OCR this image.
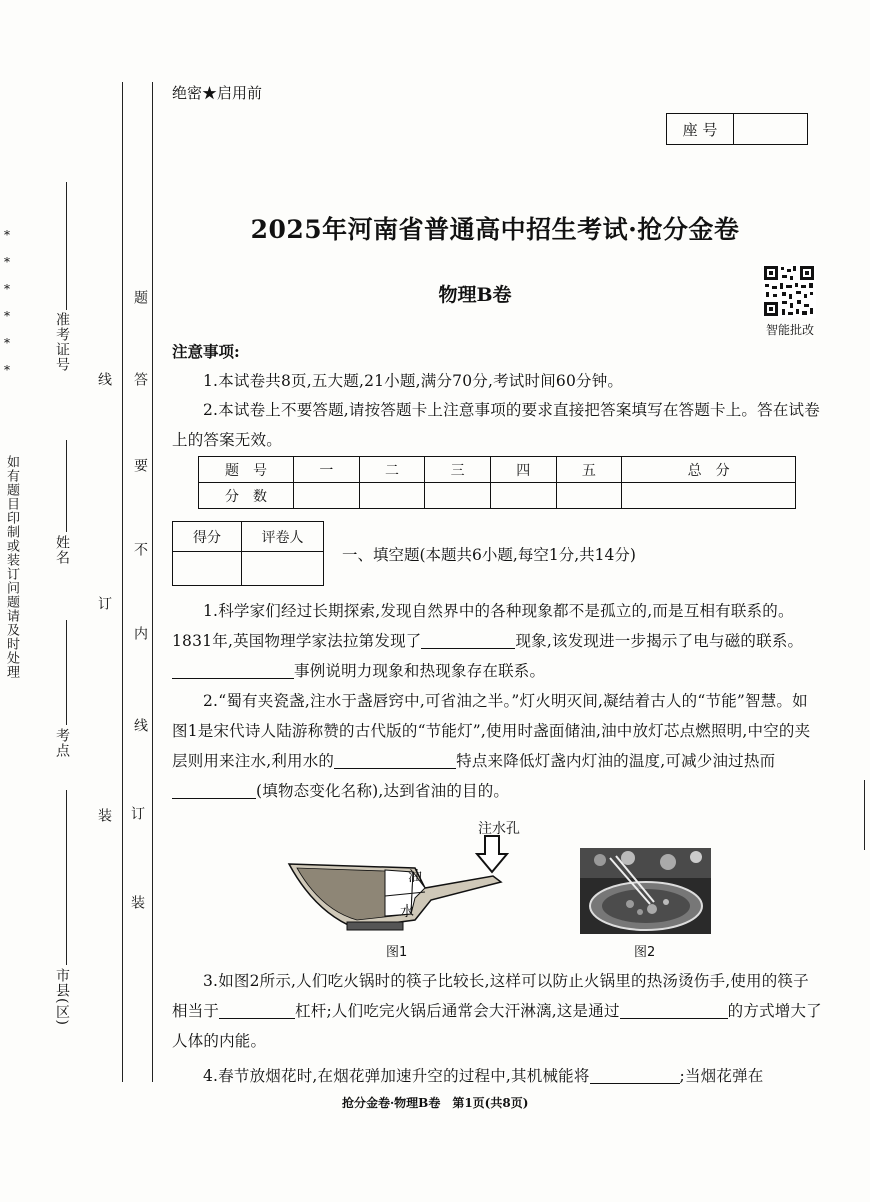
*
*
*
*
*
*
如有题目印制或装订问题请及时处理
准考证号
姓名
考点
市县(区)
线
订
装 订
装
题
答
要
不
内
线
绝密★启用前
座 号
2025年河南省普通高中招生考试·抢分金卷
物理B卷
智能批改
注意事项:
1.本试卷共8页,五大题,21小题,满分70分,考试时间60分钟。
2.本试卷上不要答题,请按答题卡上注意事项的要求直接把答案填写在答题卡上。答在试卷上的答案无效。
题　号	一	二	三	四	五	总　分
分　数						
得分	评卷人

一、填空题(本题共6小题,每空1分,共14分)
1.科学家们经过长期探索,发现自然界中的各种现象都不是孤立的,而是互相有联系的。1831年,英国物理学家法拉第发现了	现象,该发现进一步揭示了电与磁的联系。事例说明力现象和热现象存在联系。
2.“蜀有夹瓷盏,注水于盏唇窍中,可省油之半。”灯火明灭间,凝结着古人的“节能”智慧。如图1是宋代诗人陆游称赞的古代版的“节能灯”,使用时盏面储油,油中放灯芯点燃照明,中空的夹层则用来注水,利用水的	特点来降低灯盏内灯油的温度,可减少油过热而(填物态变化名称),达到省油的目的。
注水孔
油
水
图1	图2
3.如图2所示,人们吃火锅时的筷子比较长,这样可以防止火锅里的热汤烫伤手,使用的筷子相当于	杠杆;人们吃完火锅后通常会大汗淋漓,这是通过	的方式增大了人体的内能。
4.春节放烟花时,在烟花弹加速升空的过程中,其机械能将	;当烟花弹在
抢分金卷·物理B卷　第1页(共8页)
